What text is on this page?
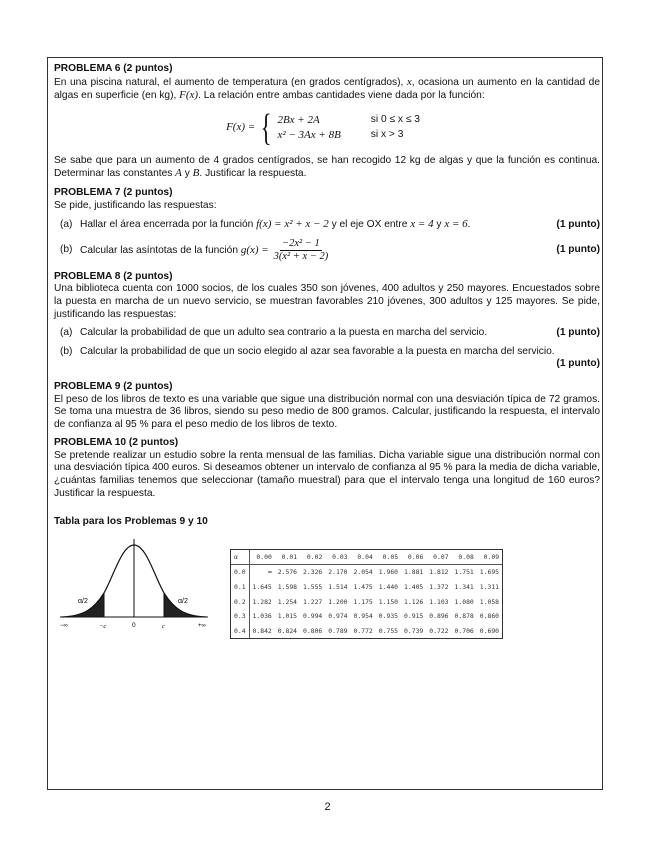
PROBLEMA 6 (2 puntos)

En una piscina natural, el aumento de temperatura (en grados centígrados), x, ocasiona un aumento en la cantidad de algas en superficie (en kg), F(x). La relación entre ambas cantidades viene dada por la función:

F(x) = { 2Bx + 2A	si 0 ≤ x ≤ 3
x² − 3Ax + 8B	si x > 3

Se sabe que para un aumento de 4 grados centígrados, se han recogido 12 kg de algas y que la función es continua. Determinar las constantes A y B. Justificar la respuesta.

PROBLEMA 7 (2 puntos)

Se pide, justificando las respuestas:

(a) Hallar el área encerrada por la función f(x) = x² + x − 2 y el eje OX entre x = 4 y x = 6.	(1 punto)
(b) Calcular las asíntotas de la función $g(x) = \frac{\text{−2x² − 1}}{\text{3(x² + x − 2)}}$	(1 punto)

PROBLEMA 8 (2 puntos)

Una biblioteca cuenta con 1000 socios, de los cuales 350 son jóvenes, 400 adultos y 250 mayores. Encuestados sobre la puesta en marcha de un nuevo servicio, se muestran favorables 210 jóvenes, 300 adultos y 125 mayores. Se pide, justificando las respuestas:

(a) Calcular la probabilidad de que un adulto sea contrario a la puesta en marcha del servicio.	(1 punto)
(b) Calcular la probabilidad de que un socio elegido al azar sea favorable a la puesta en marcha del servicio.
(1 punto)

PROBLEMA 9 (2 puntos)

El peso de los libros de texto es una variable que sigue una distribución normal con una desviación típica de 72 gramos. Se toma una muestra de 36 libros, siendo su peso medio de 800 gramos. Calcular, justificando la respuesta, el intervalo de confianza al 95 % para el peso medio de los libros de texto.

PROBLEMA 10 (2 puntos)

Se pretende realizar un estudio sobre la renta mensual de las familias. Dicha variable sigue una distribución normal con una desviación típica 400 euros. Si deseamos obtener un intervalo de confianza al 95 % para la media de dicha variable, ¿cuántas familias tenemos que seleccionar (tamaño muestral) para que el intervalo tenga una longitud de 160 euros? Justificar la respuesta.

Tabla para los Problemas 9 y 10

α/2	α/2
−∞	−c	0	c	+∞
α	0.00	0.01	0.02	0.03	0.04	0.05	0.06	0.07	0.08	0.09
0.0	∞	2.576	2.326	2.170	2.054	1.960	1.881	1.812	1.751	1.695
0.1	1.645	1.598	1.555	1.514	1.475	1.440	1.405	1.372	1.341	1.311
0.2	1.282	1.254	1.227	1.200	1.175	1.150	1.126	1.103	1.080	1.058
0.3	1.036	1.015	0.994	0.974	0.954	0.935	0.915	0.896	0.878	0.860
0.4	0.842	0.824	0.806	0.789	0.772	0.755	0.739	0.722	0.706	0.690
2
